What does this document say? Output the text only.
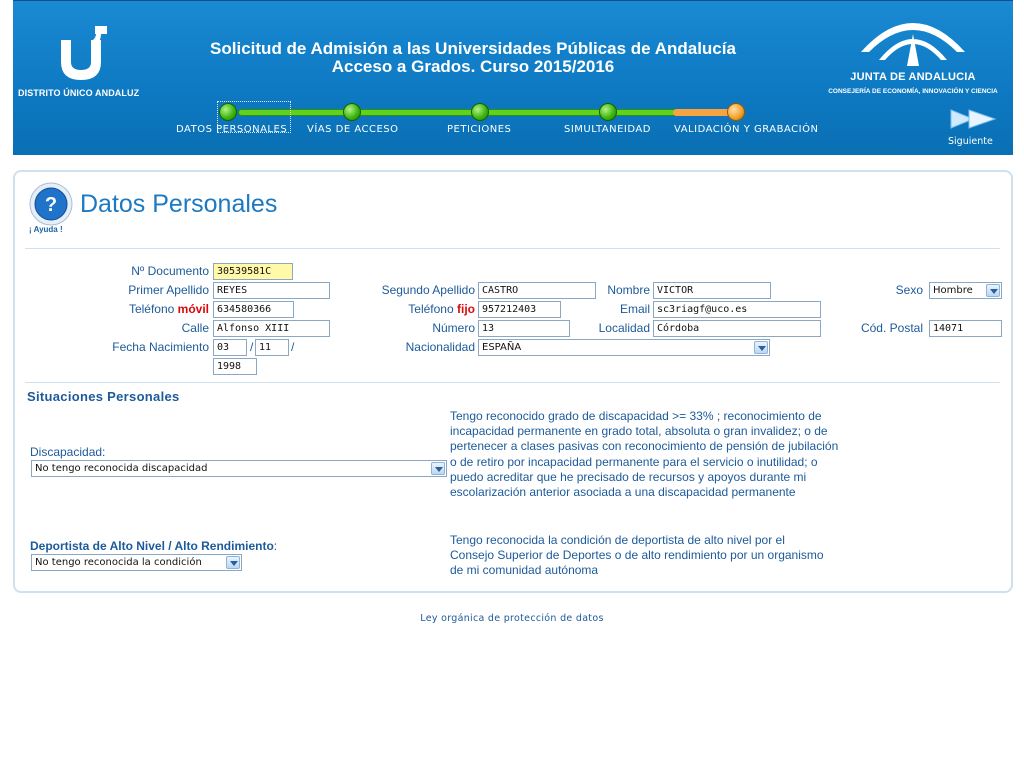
DISTRITO ÚNICO ANDALUZ
Solicitud de Admisión a las Universidades Públicas de Andalucía
Acceso a Grados. Curso 2015/2016
JUNTA DE ANDALUCIA
CONSEJERÍA DE ECONOMÍA, INNOVACIÓN Y CIENCIA
DATOS PERSONALES VÍAS DE ACCESO	PETICIONES	SIMULTANEIDAD VALIDACIÓN Y GRABACIÓN
Siguiente
?
¡ Ayuda !
Datos Personales
Nº Documento 30539581C
Primer Apellido REYES	Segundo Apellido CASTRO	Nombre VICTOR	Sexo	Hombre
Teléfono móvil 634580366	Teléfono fijo 957212403	Email sc3riagf@uco.es
Calle Alfonso XIII	Número 13	Localidad Córdoba	Cód. Postal	14071
Fecha Nacimiento 03	/ 11	/
1998
Nacionalidad ESPAÑA
Situaciones Personales
Tengo reconocido grado de discapacidad >= 33% ; reconocimiento de incapacidad permanente en grado total, absoluta o gran invalidez; o de pertenecer a clases pasivas con reconocimiento de pensión de jubilación o de retiro por incapacidad permanente para el servicio o inutilidad; o puedo acreditar que he precisado de recursos y apoyos durante mi escolarización anterior asociada a una discapacidad permanente
Discapacidad:
No tengo reconocida discapacidad
Tengo reconocida la condición de deportista de alto nivel por el Consejo Superior de Deportes o de alto rendimiento por un organismo de mi comunidad autónoma
Deportista de Alto Nivel / Alto Rendimiento:
No tengo reconocida la condición
Ley orgánica de protección de datos
